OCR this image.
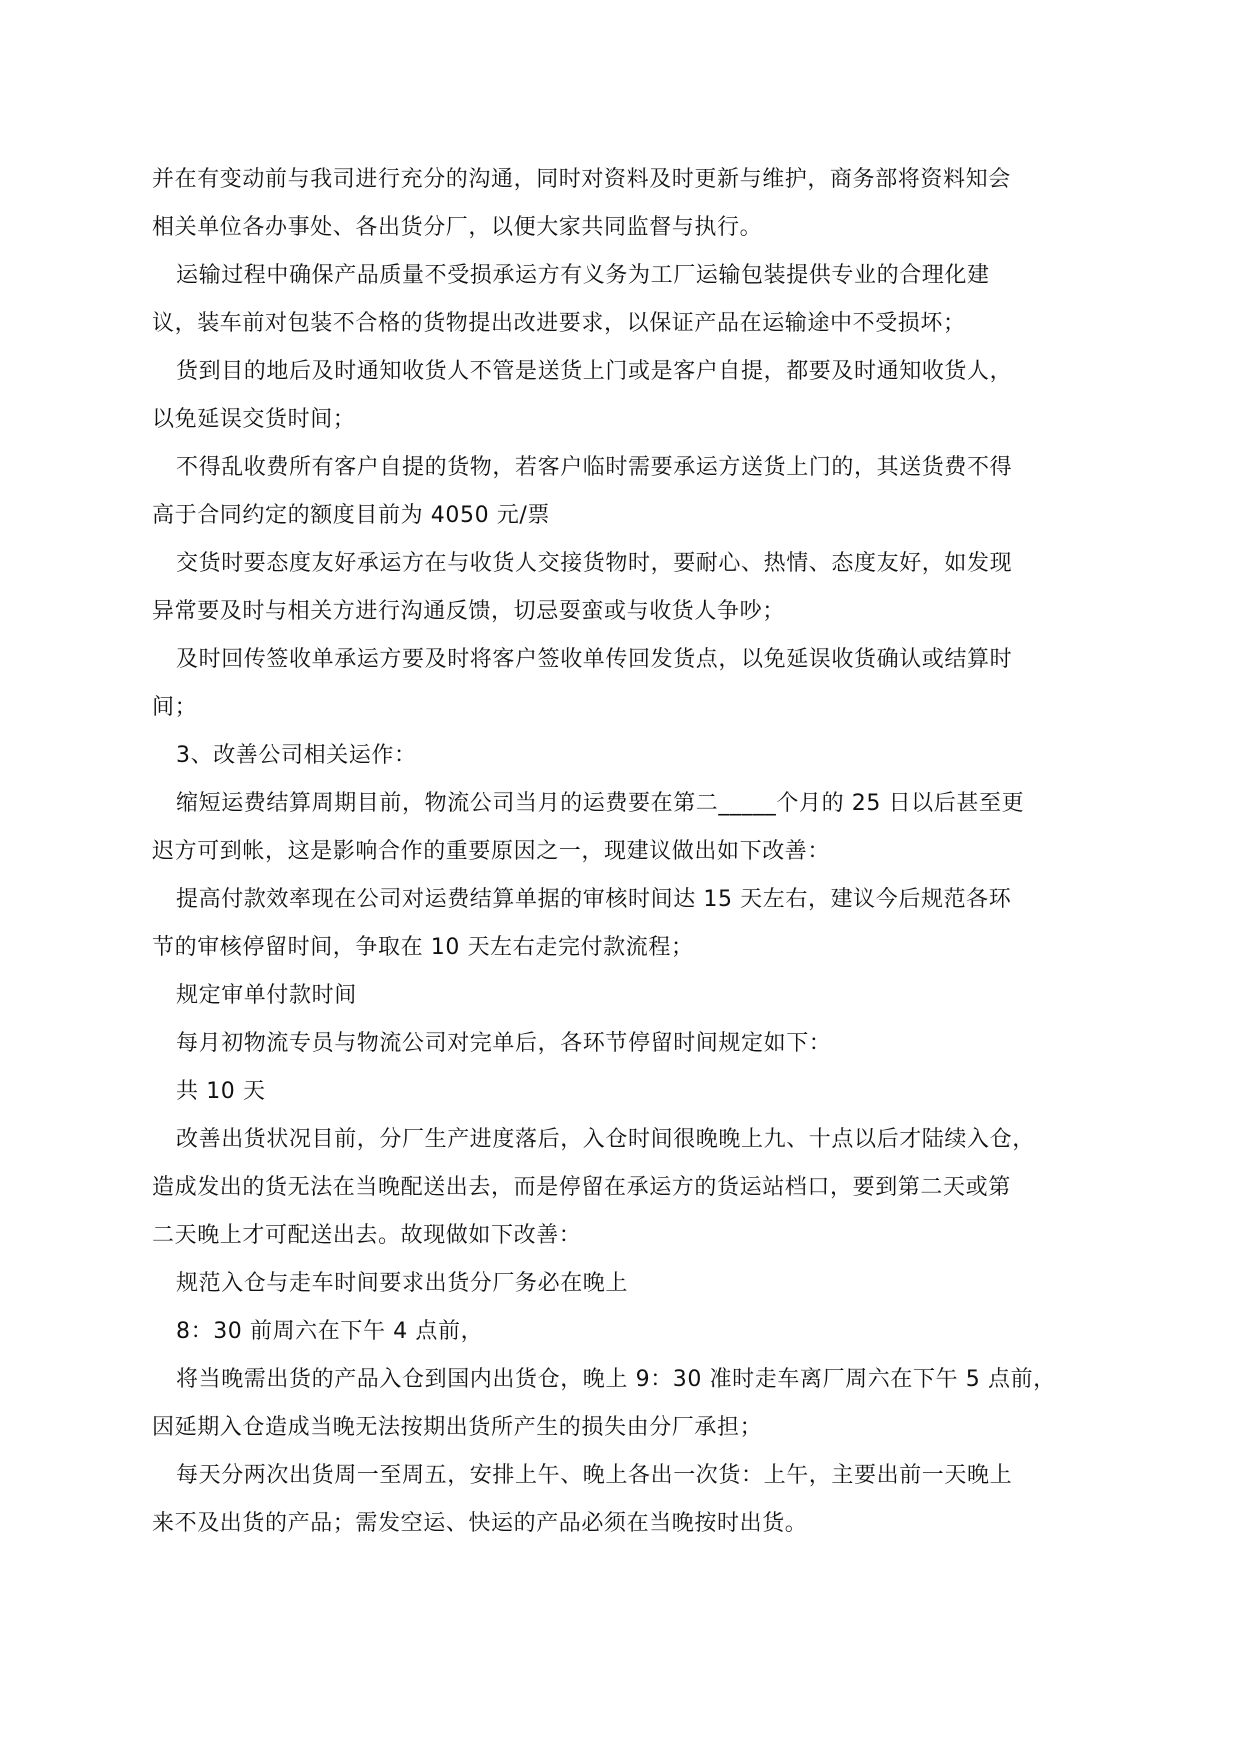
并在有变动前与我司进行充分的沟通，同时对资料及时更新与维护，商务部将资料知会
相关单位各办事处、各出货分厂，以便大家共同监督与执行。
运输过程中确保产品质量不受损承运方有义务为工厂运输包装提供专业的合理化建
议，装车前对包装不合格的货物提出改进要求，以保证产品在运输途中不受损坏；
货到目的地后及时通知收货人不管是送货上门或是客户自提，都要及时通知收货人，
以免延误交货时间；
不得乱收费所有客户自提的货物，若客户临时需要承运方送货上门的，其送货费不得
高于合同约定的额度目前为 4050 元/票
交货时要态度友好承运方在与收货人交接货物时，要耐心、热情、态度友好，如发现
异常要及时与相关方进行沟通反馈，切忌耍蛮或与收货人争吵；
及时回传签收单承运方要及时将客户签收单传回发货点，以免延误收货确认或结算时
间；
3、改善公司相关运作：
缩短运费结算周期目前，物流公司当月的运费要在第二_____个月的 25 日以后甚至更
迟方可到帐，这是影响合作的重要原因之一，现建议做出如下改善：
提高付款效率现在公司对运费结算单据的审核时间达 15 天左右，建议今后规范各环
节的审核停留时间，争取在 10 天左右走完付款流程；
规定审单付款时间
每月初物流专员与物流公司对完单后，各环节停留时间规定如下：
共 10 天
改善出货状况目前，分厂生产进度落后，入仓时间很晚晚上九、十点以后才陆续入仓，
造成发出的货无法在当晚配送出去，而是停留在承运方的货运站档口，要到第二天或第
二天晚上才可配送出去。故现做如下改善：
规范入仓与走车时间要求出货分厂务必在晚上
8：30 前周六在下午 4 点前，
将当晚需出货的产品入仓到国内出货仓，晚上 9：30 准时走车离厂周六在下午 5 点前，
因延期入仓造成当晚无法按期出货所产生的损失由分厂承担；
每天分两次出货周一至周五，安排上午、晚上各出一次货：上午，主要出前一天晚上
来不及出货的产品；需发空运、快运的产品必须在当晚按时出货。
